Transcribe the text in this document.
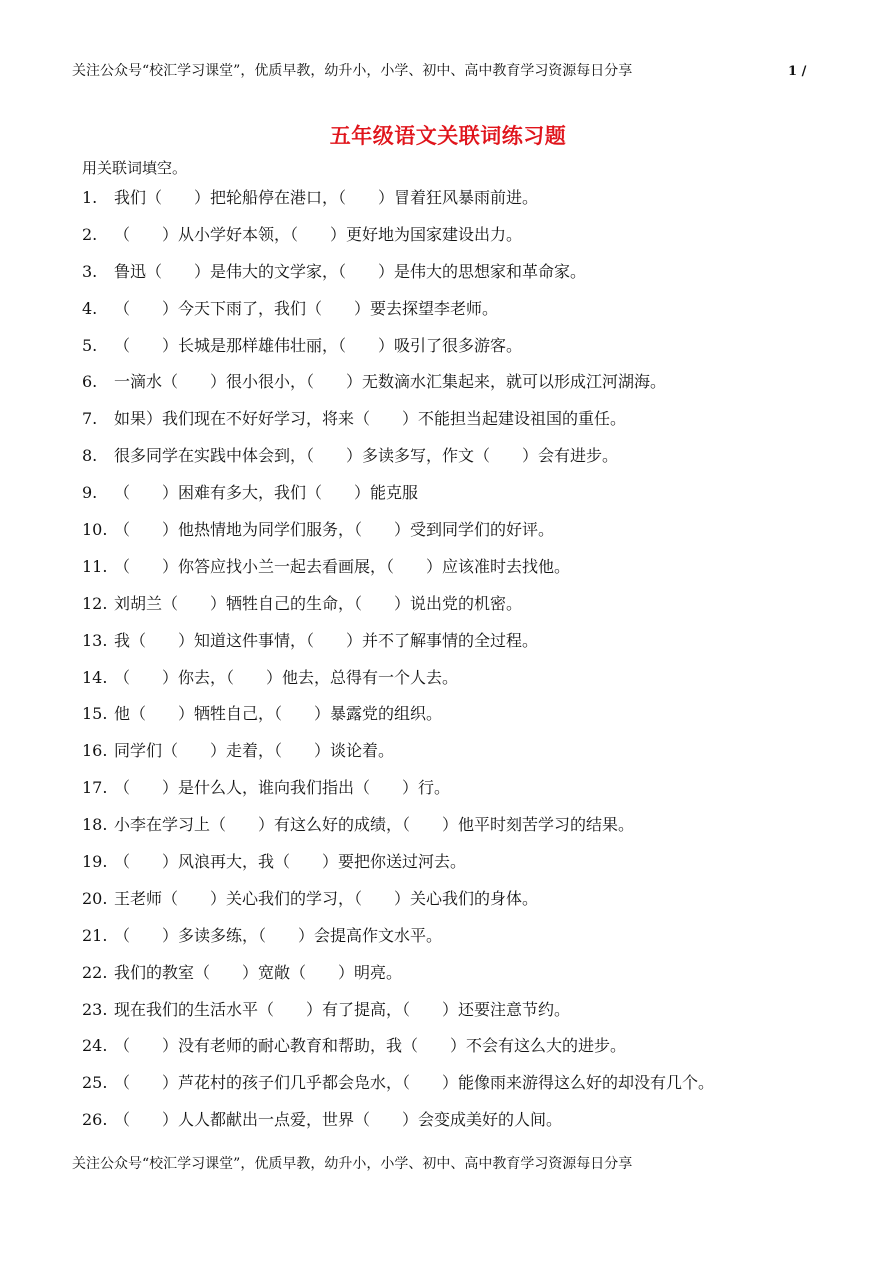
关注公众号“校汇学习课堂”，优质早教，幼升小，小学、初中、高中教育学习资源每日分享	1 /
五年级语文关联词练习题
用关联词填空。
1.	我们（　　）把轮船停在港口，（　　）冒着狂风暴雨前进。
2.	（　　）从小学好本领，（　　）更好地为国家建设出力。
3.	鲁迅（　　）是伟大的文学家，（　　）是伟大的思想家和革命家。
4.	（　　）今天下雨了，我们（　　）要去探望李老师。
5.	（　　）长城是那样雄伟壮丽，（　　）吸引了很多游客。
6.	一滴水（　　）很小很小，（　　）无数滴水汇集起来，就可以形成江河湖海。
7.	如果）我们现在不好好学习，将来（　　）不能担当起建设祖国的重任。
8.	很多同学在实践中体会到，（　　）多读多写，作文（　　）会有进步。
9.	（　　）困难有多大，我们（　　）能克服
10. （　　）他热情地为同学们服务，（　　）受到同学们的好评。
11. （　　）你答应找小兰一起去看画展，（　　）应该准时去找他。
12. 刘胡兰（　　）牺牲自己的生命，（　　）说出党的机密。
13. 我（　　）知道这件事情，（　　）并不了解事情的全过程。
14. （　　）你去，（　　）他去，总得有一个人去。
15. 他（　　）牺牲自己，（　　）暴露党的组织。
16. 同学们（　　）走着，（　　）谈论着。
17. （　　）是什么人，谁向我们指出（　　）行。
18. 小李在学习上（　　）有这么好的成绩，（　　）他平时刻苦学习的结果。
19. （　　）风浪再大，我（　　）要把你送过河去。
20. 王老师（　　）关心我们的学习，（　　）关心我们的身体。
21. （　　）多读多练，（　　）会提高作文水平。
22. 我们的教室（　　）宽敞（　　）明亮。
23. 现在我们的生活水平（　　）有了提高，（　　）还要注意节约。
24. （　　）没有老师的耐心教育和帮助，我（　　）不会有这么大的进步。
25. （　　）芦花村的孩子们几乎都会凫水，（　　）能像雨来游得这么好的却没有几个。
26. （　　）人人都献出一点爱，世界（　　）会变成美好的人间。
关注公众号“校汇学习课堂”，优质早教，幼升小，小学、初中、高中教育学习资源每日分享
